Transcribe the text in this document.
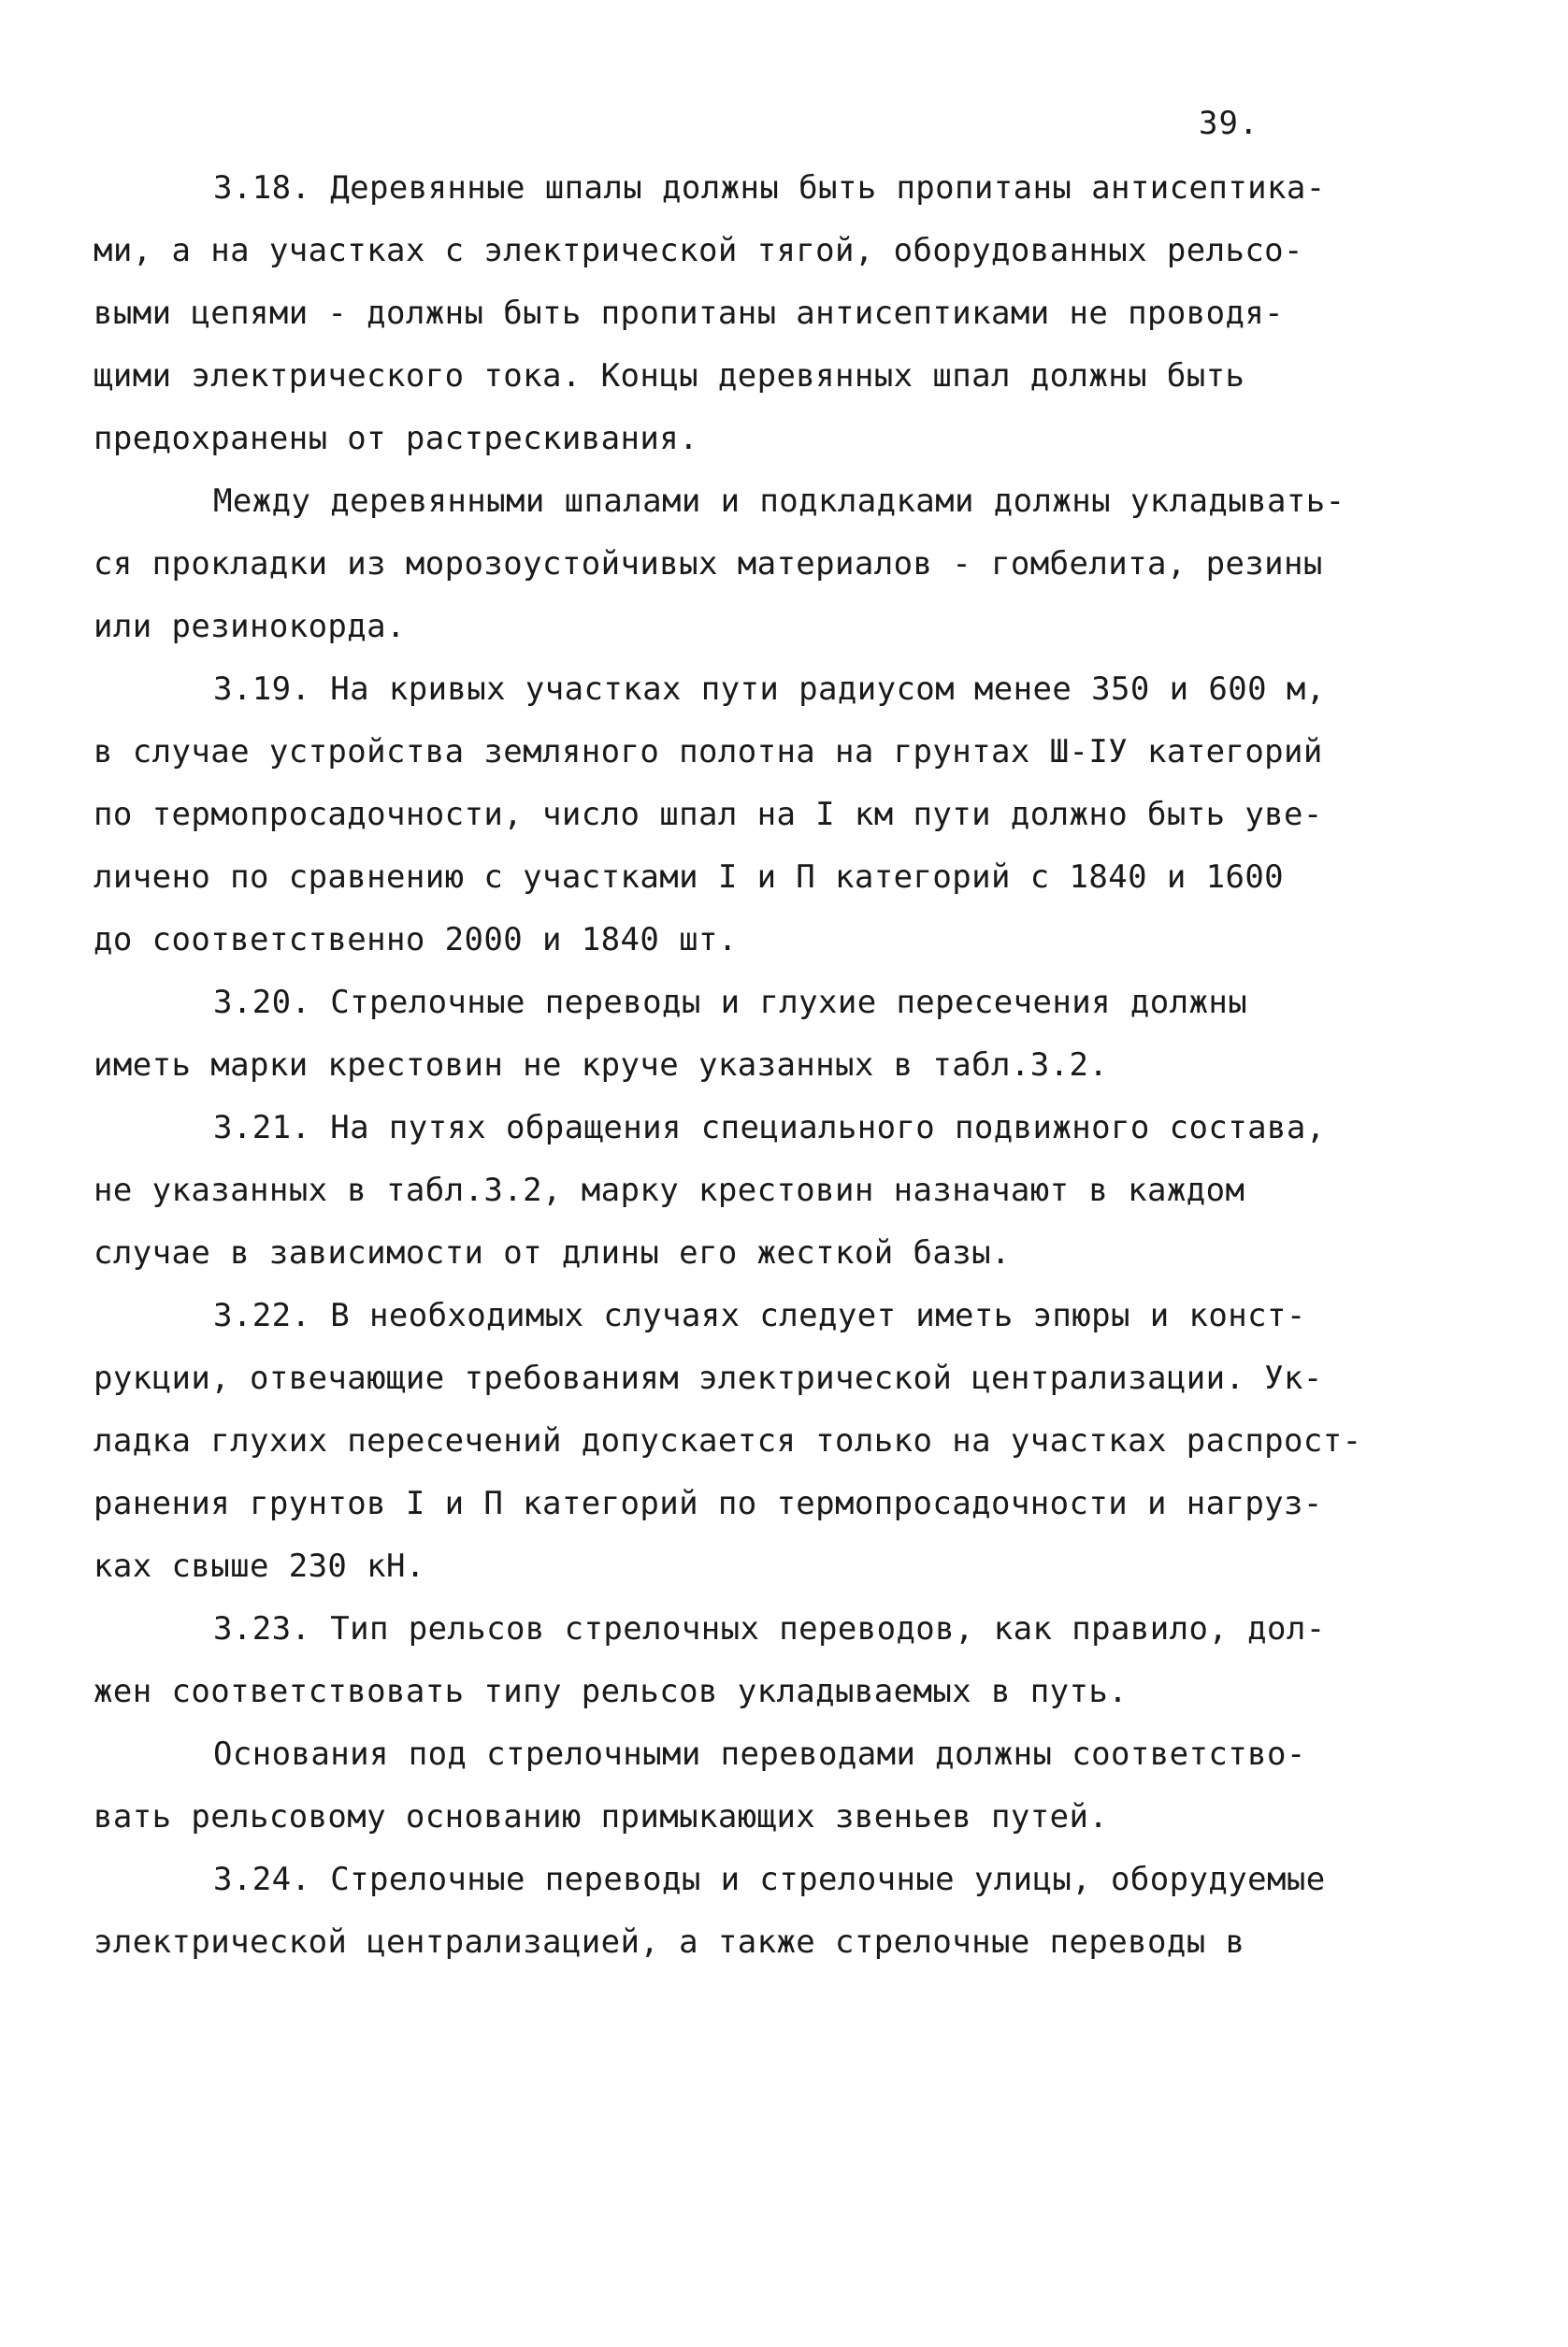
39.
3.18. Деревянные шпалы должны быть пропитаны антисептика-
ми, а на участках с электрической тягой, оборудованных рельсо-
выми цепями - должны быть пропитаны антисептиками не проводя-
щими электрического тока. Концы деревянных шпал должны быть
предохранены от растрескивания.
Между деревянными шпалами и подкладками должны укладывать-
ся прокладки из морозоустойчивых материалов - гомбелита, резины
или резинокорда.
3.19. На кривых участках пути радиусом менее 350 и 600 м,
в случае устройства земляного полотна на грунтах Ш-IУ категорий
по термопросадочности, число шпал на I км пути должно быть уве-
личено по сравнению с участками I и П категорий с 1840 и 1600
до соответственно 2000 и 1840 шт.
3.20. Стрелочные переводы и глухие пересечения должны
иметь марки крестовин не круче указанных в табл.3.2.
3.21. На путях обращения специального подвижного состава,
не указанных в табл.3.2, марку крестовин назначают в каждом
случае в зависимости от длины его жесткой базы.
3.22. В необходимых случаях следует иметь эпюры и конст-
рукции, отвечающие требованиям электрической централизации. Ук-
ладка глухих пересечений допускается только на участках распрост-
ранения грунтов I и П категорий по термопросадочности и нагруз-
ках свыше 230 кН.
3.23. Тип рельсов стрелочных переводов, как правило, дол-
жен соответствовать типу рельсов укладываемых в путь.
Основания под стрелочными переводами должны соответство-
вать рельсовому основанию примыкающих звеньев путей.
3.24. Стрелочные переводы и стрелочные улицы, оборудуемые
электрической централизацией, а также стрелочные переводы в
